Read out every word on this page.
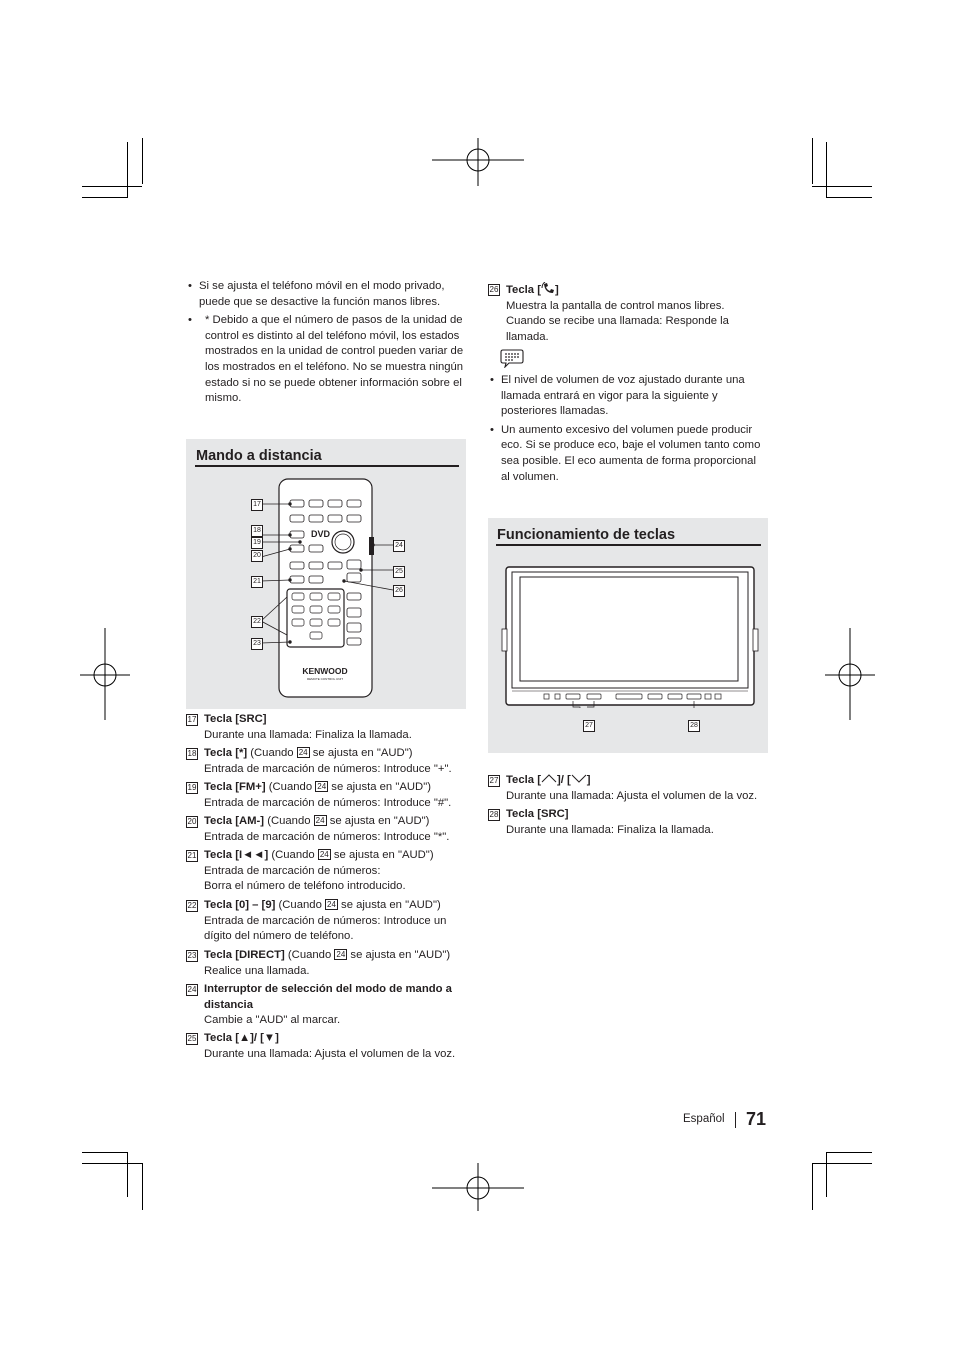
• Si se ajusta el teléfono móvil en el modo privado, puede que se desactive la función manos libres.
• * Debido a que el número de pasos de la unidad de control es distinto al del teléfono móvil, los estados mostrados en la unidad de control pueden variar de los mostrados en el teléfono. No se muestra ningún estado si no se puede obtener información sobre el mismo.
Mando a distancia
DVD
KENWOOD
REMOTE CONTROL UNIT
17
18
19
20
21
22
23
24
25
26
17 Tecla [SRC]
Durante una llamada: Finaliza la llamada.
18 Tecla [*] (Cuando 24 se ajusta en "AUD")
Entrada de marcación de números: Introduce "+".
19 Tecla [FM+] (Cuando 24 se ajusta en "AUD")
Entrada de marcación de números: Introduce "#".
20 Tecla [AM-] (Cuando 24 se ajusta en "AUD")
Entrada de marcación de números: Introduce "*".
21 Tecla [I◄◄] (Cuando 24 se ajusta en "AUD")
Entrada de marcación de números:
Borra el número de teléfono introducido.
22 Tecla [0] – [9] (Cuando 24 se ajusta en "AUD")
Entrada de marcación de números: Introduce un
dígito del número de teléfono.
23 Tecla [DIRECT] (Cuando 24 se ajusta en "AUD")
Realice una llamada.
24 Interruptor de selección del modo de mando a distancia
Cambie a "AUD" al marcar.
25 Tecla [▲]/ [▼]
Durante una llamada: Ajusta el volumen de la voz.
26 Tecla [ ]
Muestra la pantalla de control manos libres.
Cuando se recibe una llamada: Responde la
llamada.
• El nivel de volumen de voz ajustado durante una llamada entrará en vigor para la siguiente y posteriores llamadas.
• Un aumento excesivo del volumen puede producir eco. Si se produce eco, baje el volumen tanto como sea posible. El eco aumenta de forma proporcional al volumen.
Funcionamiento de teclas
27	28
27 Tecla [ ]/ [ ]
Durante una llamada: Ajusta el volumen de la voz.
28 Tecla [SRC]
Durante una llamada: Finaliza la llamada.
Español 71
